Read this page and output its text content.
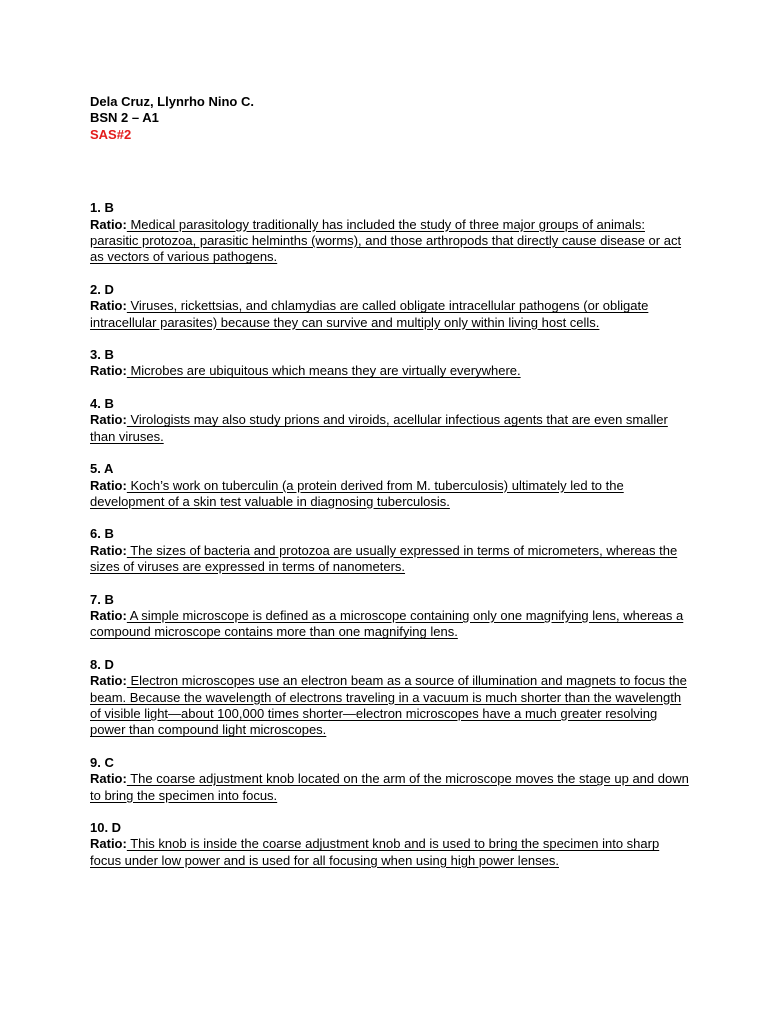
Dela Cruz, Llynrho Nino C.
BSN 2 – A1
SAS#2
1. B
Ratio: Medical parasitology traditionally has included the study of three major groups of animals: parasitic protozoa, parasitic helminths (worms), and those arthropods that directly cause disease or act as vectors of various pathogens.
2. D
Ratio: Viruses, rickettsias, and chlamydias are called obligate intracellular pathogens (or obligate intracellular parasites) because they can survive and multiply only within living host cells.
3. B
Ratio: Microbes are ubiquitous which means they are virtually everywhere.
4. B
Ratio: Virologists may also study prions and viroids, acellular infectious agents that are even smaller than viruses.
5. A
Ratio: Koch’s work on tuberculin (a protein derived from M. tuberculosis) ultimately led to the development of a skin test valuable in diagnosing tuberculosis.
6. B
Ratio: The sizes of bacteria and protozoa are usually expressed in terms of micrometers, whereas the sizes of viruses are expressed in terms of nanometers.
7. B
Ratio: A simple microscope is defined as a microscope containing only one magnifying lens, whereas a compound microscope contains more than one magnifying lens.
8. D
Ratio: Electron microscopes use an electron beam as a source of illumination and magnets to focus the beam. Because the wavelength of electrons traveling in a vacuum is much shorter than the wavelength of visible light—about 100,000 times shorter—electron microscopes have a much greater resolving power than compound light microscopes.
9. C
Ratio: The coarse adjustment knob located on the arm of the microscope moves the stage up and down to bring the specimen into focus.
10. D
Ratio: This knob is inside the coarse adjustment knob and is used to bring the specimen into sharp focus under low power and is used for all focusing when using high power lenses.
